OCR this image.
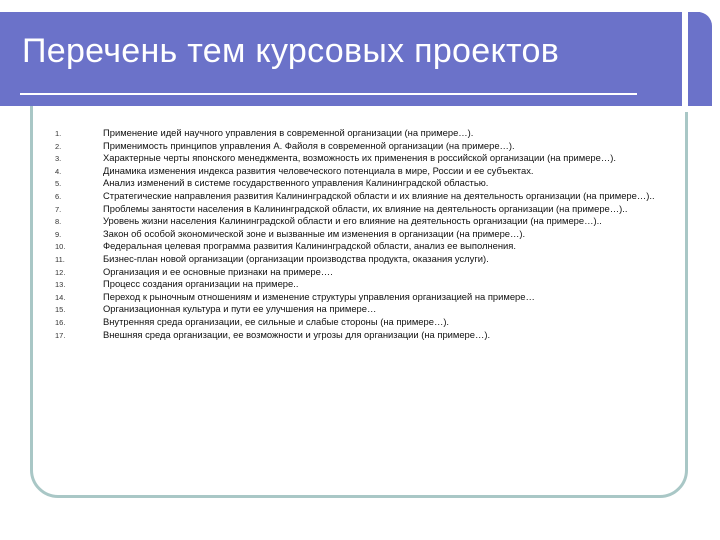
Перечень тем курсовых проектов
1.	Применение идей научного управления в современной организации (на примере…).
2.	Применимость принципов управления А. Файоля в современной организации (на примере…).
3.	Характерные черты японского менеджмента, возможность их применения в российской организации (на примере…).
4.	Динамика изменения индекса развития человеческого потенциала в мире, России и ее субъектах.
5.	Анализ изменений в системе государственного управления Калининградской областью.
6.	Стратегические направления развития Калининградской области и их влияние на деятельность организации (на примере…)..
7.	Проблемы занятости населения в Калининградской области, их влияние на деятельность организации (на примере…)..
8.	Уровень жизни населения Калининградской области и его влияние на деятельность организации (на примере…)..
9.	Закон об особой экономической зоне и вызванные им изменения в организации (на примере…).
10.	Федеральная целевая программа развития Калининградской области, анализ ее выполнения.
11.	Бизнес-план новой организации (организации производства продукта, оказания услуги).
12.	Организация и ее основные признаки на примере….
13.	Процесс создания организации на примере..
14.	Переход к рыночным отношениям и изменение структуры управления организацией на примере…
15.	Организационная культура и пути ее улучшения на примере…
16.	Внутренняя среда организации, ее сильные и слабые стороны (на примере…).
17.	Внешняя среда организации, ее возможности и угрозы для организации (на примере…).
